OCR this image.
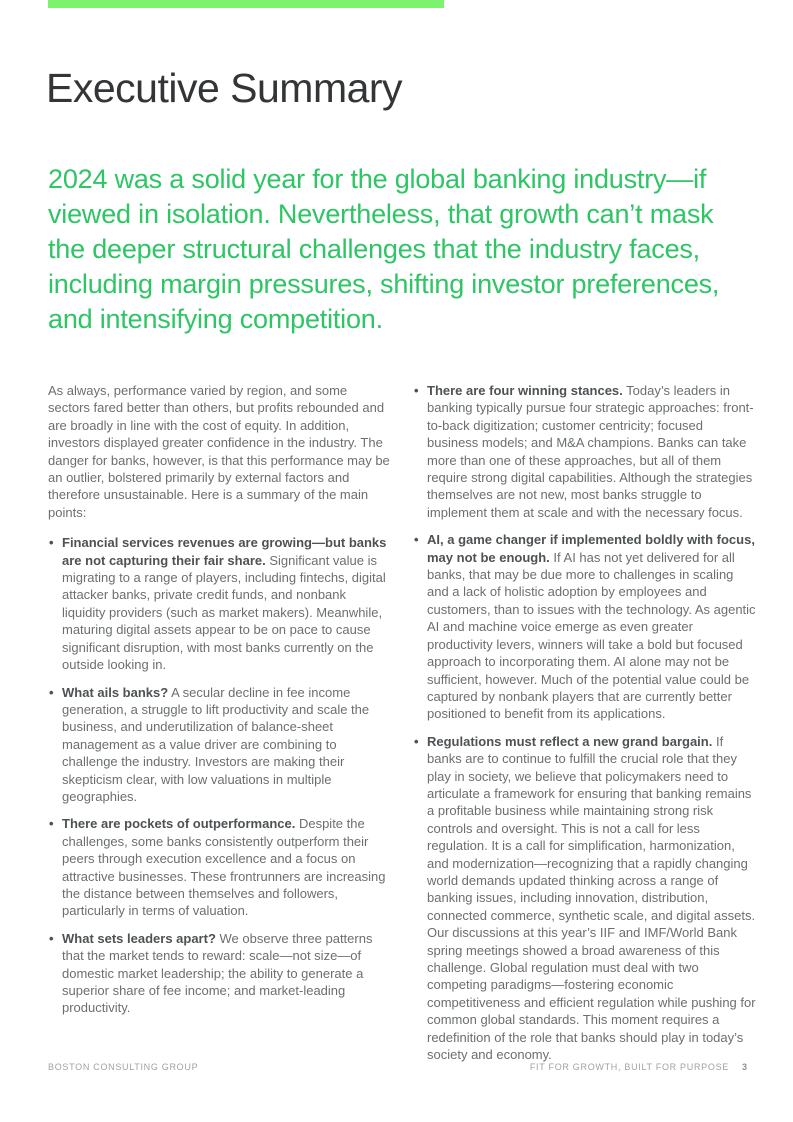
Executive Summary
2024 was a solid year for the global banking industry—if viewed in isolation. Nevertheless, that growth can’t mask the deeper structural challenges that the industry faces, including margin pressures, shifting investor preferences, and intensifying competition.

As always, performance varied by region, and some sectors fared better than others, but profits rebounded and are broadly in line with the cost of equity. In addition, investors displayed greater confidence in the industry. The danger for banks, however, is that this performance may be an outlier, bolstered primarily by external factors and therefore unsustainable. Here is a summary of the main points:

• Financial services revenues are growing—but banks are not capturing their fair share. Significant value is migrating to a range of players, including fintechs, digital attacker banks, private credit funds, and nonbank liquidity providers (such as market makers). Meanwhile, maturing digital assets appear to be on pace to cause significant disruption, with most banks currently on the outside looking in.
• What ails banks? A secular decline in fee income generation, a struggle to lift productivity and scale the business, and underutilization of balance-sheet management as a value driver are combining to challenge the industry. Investors are making their skepticism clear, with low valuations in multiple geographies.
• There are pockets of outperformance. Despite the challenges, some banks consistently outperform their peers through execution excellence and a focus on attractive businesses. These frontrunners are increasing the distance between themselves and followers, particularly in terms of valuation.
• What sets leaders apart? We observe three patterns that the market tends to reward: scale—not size—of domestic market leadership; the ability to generate a superior share of fee income; and market-leading productivity.
• There are four winning stances. Today’s leaders in banking typically pursue four strategic approaches: front-to-back digitization; customer centricity; focused business models; and M&A champions. Banks can take more than one of these approaches, but all of them require strong digital capabilities. Although the strategies themselves are not new, most banks struggle to implement them at scale and with the necessary focus.
• AI, a game changer if implemented boldly with focus, may not be enough. If AI has not yet delivered for all banks, that may be due more to challenges in scaling and a lack of holistic adoption by employees and customers, than to issues with the technology. As agentic AI and machine voice emerge as even greater productivity levers, winners will take a bold but focused approach to incorporating them. AI alone may not be sufficient, however. Much of the potential value could be captured by nonbank players that are currently better positioned to benefit from its applications.
• Regulations must reflect a new grand bargain. If banks are to continue to fulfill the crucial role that they play in society, we believe that policymakers need to articulate a framework for ensuring that banking remains a profitable business while maintaining strong risk controls and oversight. This is not a call for less regulation. It is a call for simplification, harmonization, and modernization—recognizing that a rapidly changing world demands updated thinking across a range of banking issues, including innovation, distribution, connected commerce, synthetic scale, and digital assets. Our discussions at this year’s IIF and IMF/World Bank spring meetings showed a broad awareness of this challenge. Global regulation must deal with two competing paradigms—fostering economic competitiveness and efficient regulation while pushing for common global standards. This moment requires a redefinition of the role that banks should play in today’s society and economy.
BOSTON CONSULTING GROUP	FIT FOR GROWTH, BUILT FOR PURPOSE 3
